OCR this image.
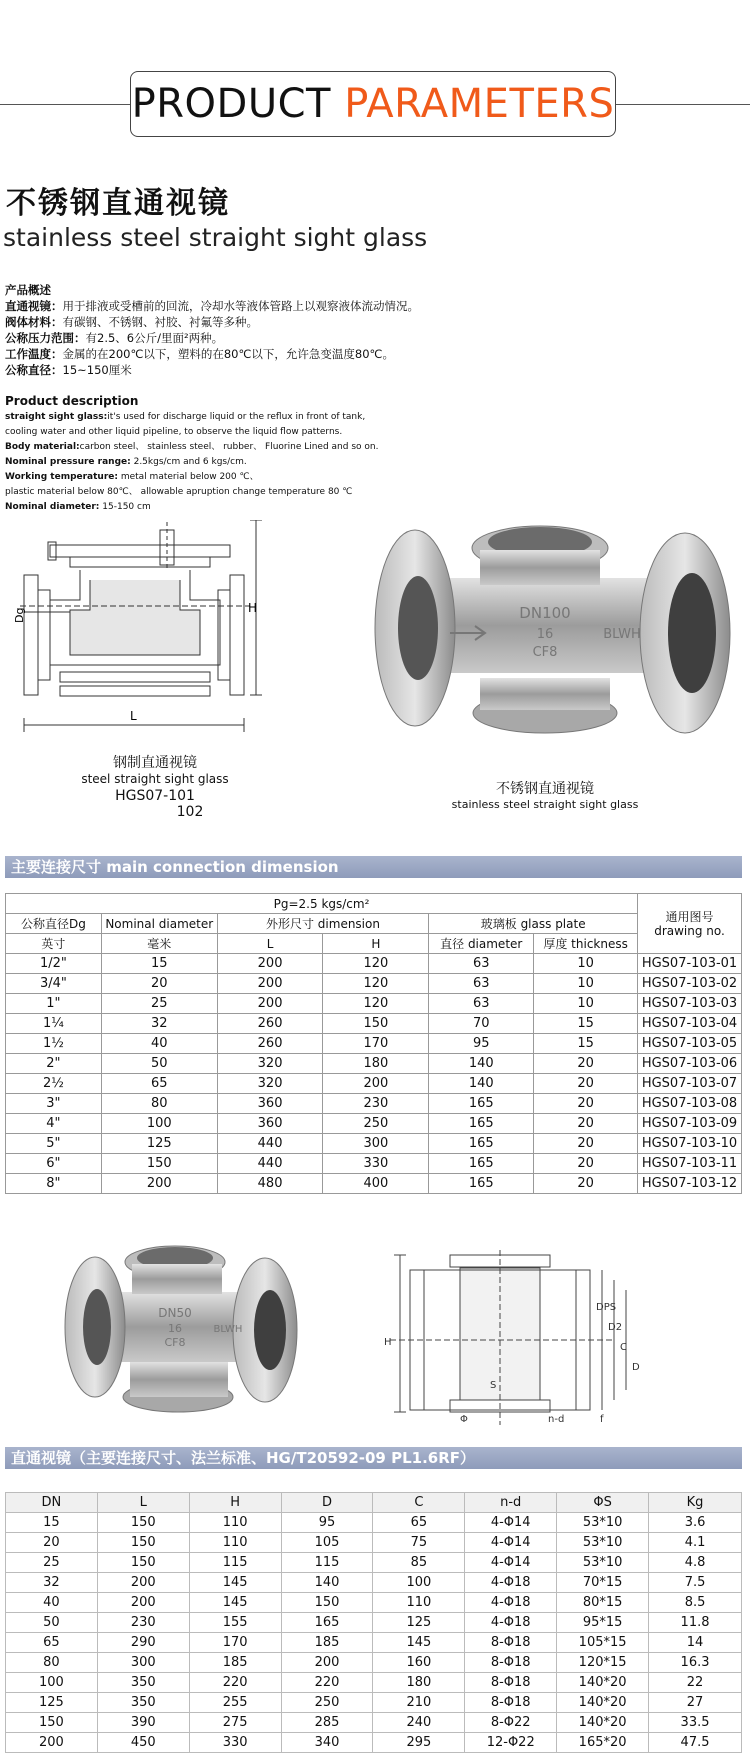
PRODUCT PARAMETERS
不锈钢直通视镜
stainless steel straight sight glass
产品概述
直通视镜：用于排液或受槽前的回流，冷却水等液体管路上以观察液体流动情况。
阀体材料：有碳钢、不锈钢、衬胶、衬氟等多种。
公称压力范围：有2.5、6公斤/里面²两种。
工作温度：金属的在200℃以下，塑料的在80℃以下，允许急变温度80℃。
公称直径：15~150厘米
Product description
straight sight glass:it's used for discharge liquid or the reflux in front of tank,
cooling water and other liquid pipeline, to observe the liquid flow patterns.
Body material:carbon steel、 stainless steel、 rubber、 Fluorine Lined and so on.
Nominal pressure range: 2.5kgs/cm and 6 kgs/cm.
Working temperature: metal material below 200 ℃、
plastic material below 80℃、 allowable apruption change temperature 80 ℃
Nominal diameter: 15-150 cm
Dg	H
L
钢制直通视镜
steel straight sight glass
HGS07-101
102
DN100
16
CF8
BLWH
不锈钢直通视镜
stainless steel straight sight glass
主要连接尺寸 main connection dimension
Pg=2.5 kgs/cm²						通用图号
drawing no.
公称直径Dg	Nominal diameter	外形尺寸 dimension		玻璃板 glass plate		
英寸	毫米	L	H	直径 diameter	厚度 thickness	
1/2"	15	200	120	63	10	HGS07-103-01
3/4"	20	200	120	63	10	HGS07-103-02
1"	25	200	120	63	10	HGS07-103-03
1¼	32	260	150	70	15	HGS07-103-04
1½	40	260	170	95	15	HGS07-103-05
2"	50	320	180	140	20	HGS07-103-06
2½	65	320	200	140	20	HGS07-103-07
3"	80	360	230	165	20	HGS07-103-08
4"	100	360	250	165	20	HGS07-103-09
5"	125	440	300	165	20	HGS07-103-10
6"	150	440	330	165	20	HGS07-103-11
8"	200	480	400	165	20	HGS07-103-12
DN50
16
CF8
BLWH
H
DPS
D2
C
D
S
Φ	n-d	f
直通视镜（主要连接尺寸、法兰标准、HG/T20592-09 PL1.6RF）
DN	L	H	D	C	n-d	ΦS	Kg
15	150	110	95	65	4-Φ14	53*10	3.6
20	150	110	105	75	4-Φ14	53*10	4.1
25	150	115	115	85	4-Φ14	53*10	4.8
32	200	145	140	100	4-Φ18	70*15	7.5
40	200	145	150	110	4-Φ18	80*15	8.5
50	230	155	165	125	4-Φ18	95*15	11.8
65	290	170	185	145	8-Φ18	105*15	14
80	300	185	200	160	8-Φ18	120*15	16.3
100	350	220	220	180	8-Φ18	140*20	22
125	350	255	250	210	8-Φ18	140*20	27
150	390	275	285	240	8-Φ22	140*20	33.5
200	450	330	340	295	12-Φ22	165*20	47.5
